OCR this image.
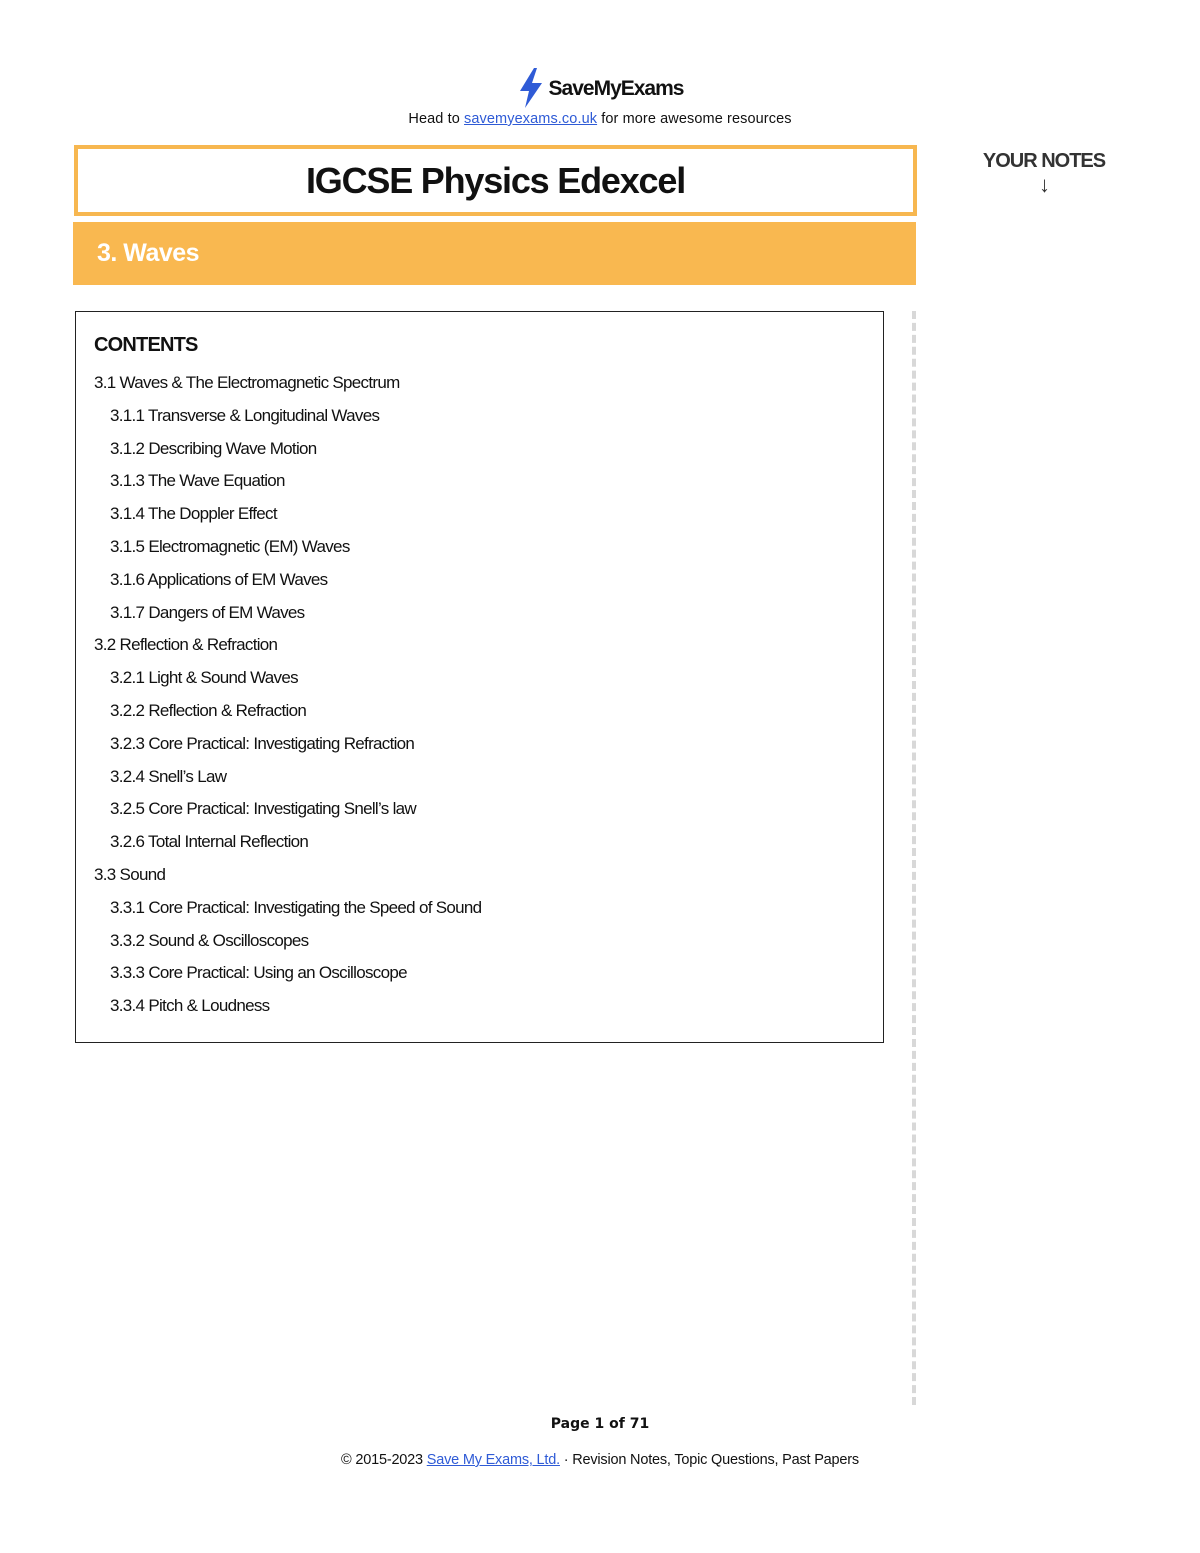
SaveMyExams
Head to savemyexams.co.uk for more awesome resources
IGCSE Physics Edexcel
3. Waves
YOUR NOTES
↓
CONTENTS
3.1 Waves & The Electromagnetic Spectrum
3.1.1 Transverse & Longitudinal Waves
3.1.2 Describing Wave Motion
3.1.3 The Wave Equation
3.1.4 The Doppler Effect
3.1.5 Electromagnetic (EM) Waves
3.1.6 Applications of EM Waves
3.1.7 Dangers of EM Waves
3.2 Reflection & Refraction
3.2.1 Light & Sound Waves
3.2.2 Reflection & Refraction
3.2.3 Core Practical: Investigating Refraction
3.2.4 Snell’s Law
3.2.5 Core Practical: Investigating Snell’s law
3.2.6 Total Internal Reflection
3.3 Sound
3.3.1 Core Practical: Investigating the Speed of Sound
3.3.2 Sound & Oscilloscopes
3.3.3 Core Practical: Using an Oscilloscope
3.3.4 Pitch & Loudness
Page 1 of 71
© 2015-2023 Save My Exams, Ltd. · Revision Notes, Topic Questions, Past Papers
